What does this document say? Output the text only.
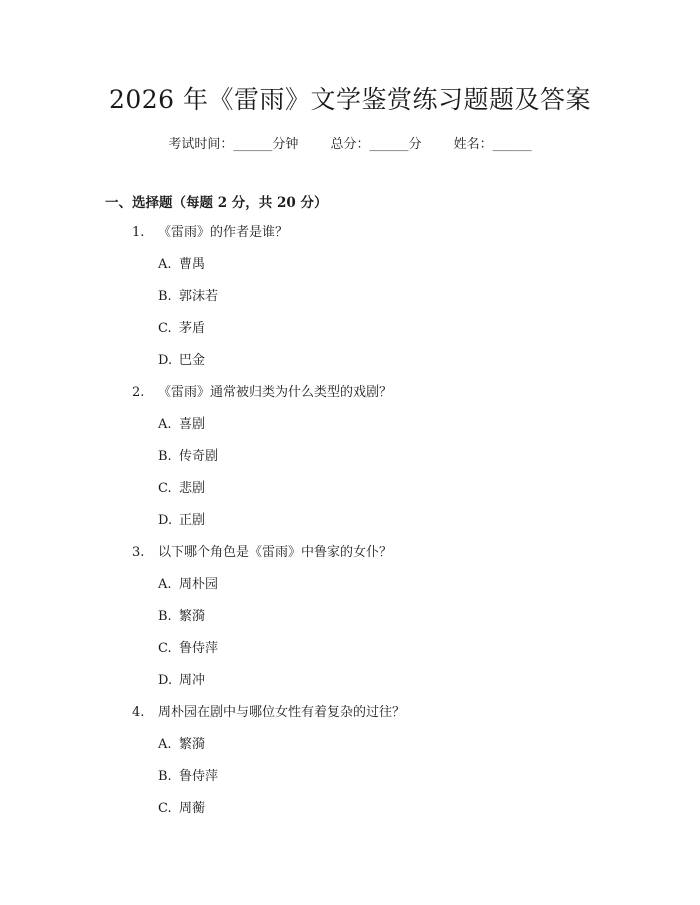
2026 年《雷雨》文学鉴赏练习题题及答案
考试时间：______分钟 总分：______分 姓名：______
一、选择题（每题 2 分，共 20 分）
1. 《雷雨》的作者是谁？
A. 曹禺
B. 郭沫若
C. 茅盾
D. 巴金
2. 《雷雨》通常被归类为什么类型的戏剧？
A. 喜剧
B. 传奇剧
C. 悲剧
D. 正剧
3. 以下哪个角色是《雷雨》中鲁家的女仆？
A. 周朴园
B. 繁漪
C. 鲁侍萍
D. 周冲
4. 周朴园在剧中与哪位女性有着复杂的过往？
A. 繁漪
B. 鲁侍萍
C. 周蘅
